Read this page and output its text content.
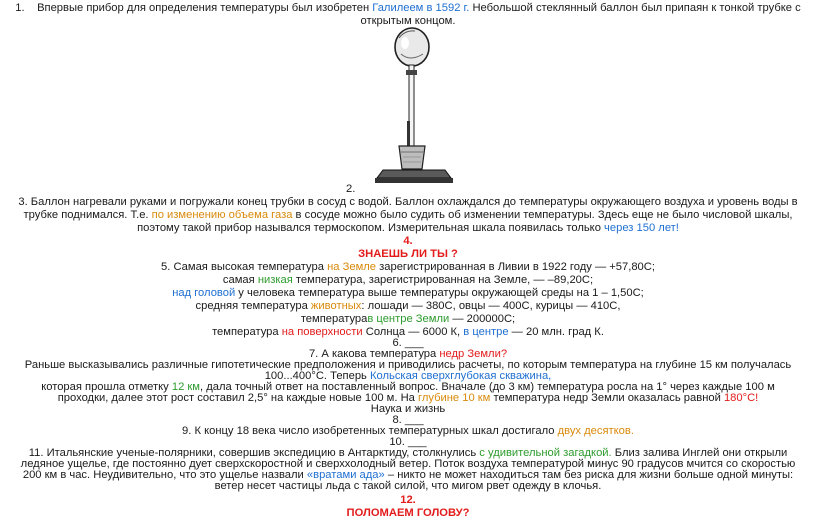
1. Впервые прибор для определения температуры был изобретен Галилеем в 1592 г. Небольшой стеклянный баллон был припаян к тонкой трубке с
открытым концом.
2.
3. Баллон нагревали руками и погружали конец трубки в сосуд с водой. Баллон охлаждался до температуры окружающего воздуха и уровень воды в
трубке поднимался. Т.е. по изменению объема газа в сосуде можно было судить об изменении температуры. Здесь еще не было числовой шкалы,
поэтому такой прибор назывался термоскопом. Измерительная шкала появилась только через 150 лет!
4.
ЗНАЕШЬ ЛИ ТЫ ?
5. Самая высокая температура на Земле зарегистрированная в Ливии в 1922 году — +57,80С;
самая низкая температура, зарегистрированная на Земле, — –89,20С;
над головой у человека температура выше температуры окружающей среды на 1 – 1,50С;
средняя температура животных: лошади — 380С, овцы — 400С, курицы — 410С,
температурав центре Земли — 200000С;
температура на поверхности Солнца — 6000 К, в центре — 20 млн. град К.
6. ___
7. А какова температура недр Земли?
Раньше высказывались различные гипотетические предположения и приводились расчеты, по которым температура на глубине 15 км получалась
100...400°С. Теперь Кольская сверхглубокая скважина,
которая прошла отметку 12 км, дала точный ответ на поставленный вопрос. Вначале (до 3 км) температура росла на 1° через каждые 100 м
проходки, далее этот рост составил 2,5° на каждые новые 100 м. На глубине 10 км температура недр Земли оказалась равной 180°С!
Наука и жизнь
8. ___
9. К концу 18 века число изобретенных температурных шкал достигало двух десятков.
10. ___
11. Итальянские ученые-полярники, совершив экспедицию в Антарктиду, столкнулись с удивительной загадкой. Близ залива Инглей они открыли
ледяное ущелье, где постоянно дует сверхскоростной и сверххолодный ветер. Поток воздуха температурой минус 90 градусов мчится со скоростью
200 км в час. Неудивительно, что это ущелье назвали «вратами ада» – никто не может находиться там без риска для жизни больше одной минуты:
ветер несет частицы льда с такой силой, что мигом рвет одежду в клочья.
12.
ПОЛОМАЕМ ГОЛОВУ?
